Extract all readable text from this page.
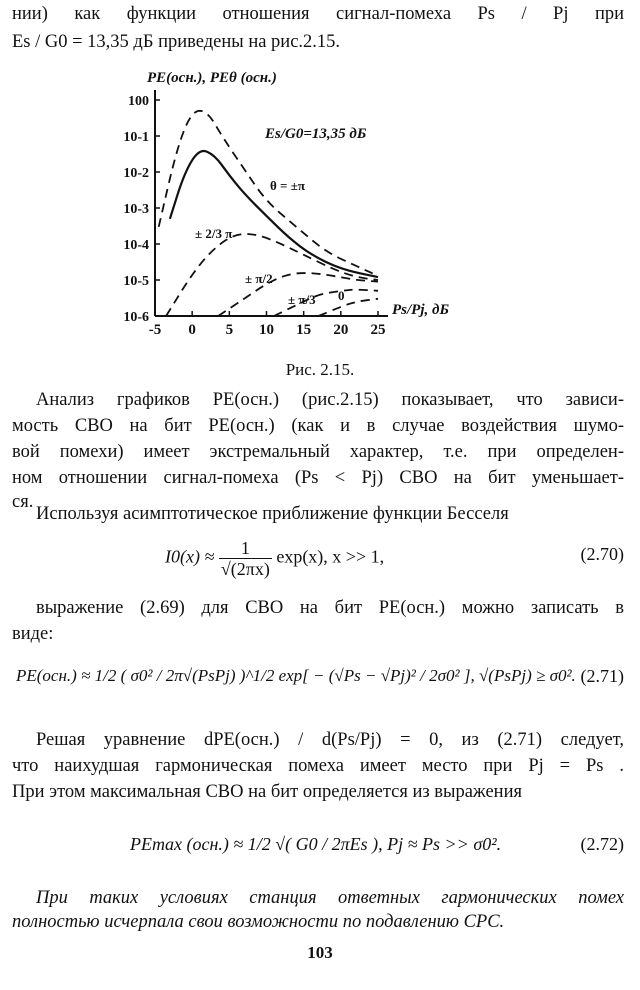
нии) как функции отношения сигнал-помеха Ps / Pj при
Es / G0 = 13,35 дБ приведены на рис.2.15.
PE(осн.), PEθ (осн.)
Ps/Pj, дБ
-5 0 5 10 15 20 25
100
10-1
10-2
10-3
10-4
10-5
10-6
Es/G0=13,35 дБ
θ = ±π
± 2/3 π
± π/2
± π/3 0
Рис. 2.15.
Анализ графиков PE(осн.) (рис.2.15) показывает, что зависи-
мость СВО на бит PE(осн.) (как и в случае воздействия шумо-
вой помехи) имеет экстремальный характер, т.е. при определен-
ном отношении сигнал-помеха (Ps < Pj) СВО на бит уменьшает-
ся.
Используя асимптотическое приближение функции Бесселя
$I0(x) \approx \frac{1}{√(2\pi x)} \exp(x)$, x >> 1,	(2.70)
выражение (2.69) для СВО на бит PE(осн.) можно записать в
виде:
PE(осн.) ≈ 1/2 ( σ0² / 2π√(PsPj) )^1/2 exp[ − (√Ps − √Pj)² / 2σ0² ], √(PsPj) ≥ σ0². (2.71)
Решая уравнение dPE(осн.) / d(Ps/Pj) = 0, из (2.71) следует,
что наихудшая гармоническая помеха имеет место при Pj = Ps .
При этом максимальная СВО на бит определяется из выражения
PEmax (осн.) ≈ 1/2 √( G0 / 2πEs ), Pj ≈ Ps >> σ0².	(2.72)
При таких условиях станция ответных гармонических помех
полностью исчерпала свои возможности по подавлению СРС.
103
